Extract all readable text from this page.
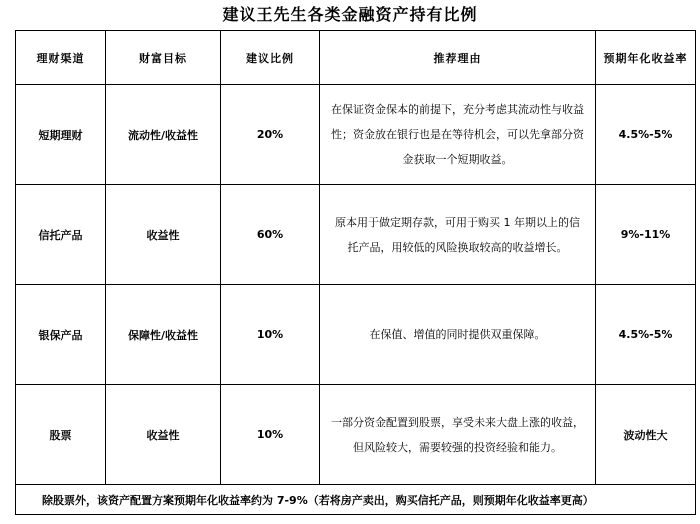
建议王先生各类金融资产持有比例
理财渠道	财富目标	建议比例	推荐理由	预期年化收益率
短期理财	流动性/收益性	20%	在保证资金保本的前提下，充分考虑其流动性与收益性；资金放在银行也是在等待机会，可以先拿部分资金获取一个短期收益。	4.5%-5%
信托产品	收益性	60%	原本用于做定期存款，可用于购买 1 年期以上的信托产品，用较低的风险换取较高的收益增长。	9%-11%
银保产品	保障性/收益性	10%	在保值、增值的同时提供双重保障。	4.5%-5%
股票	收益性	10%	一部分资金配置到股票，享受未来大盘上涨的收益，但风险较大，需要较强的投资经验和能力。	波动性大
除股票外，该资产配置方案预期年化收益率约为 7-9%（若将房产卖出，购买信托产品，则预期年化收益率更高）				
